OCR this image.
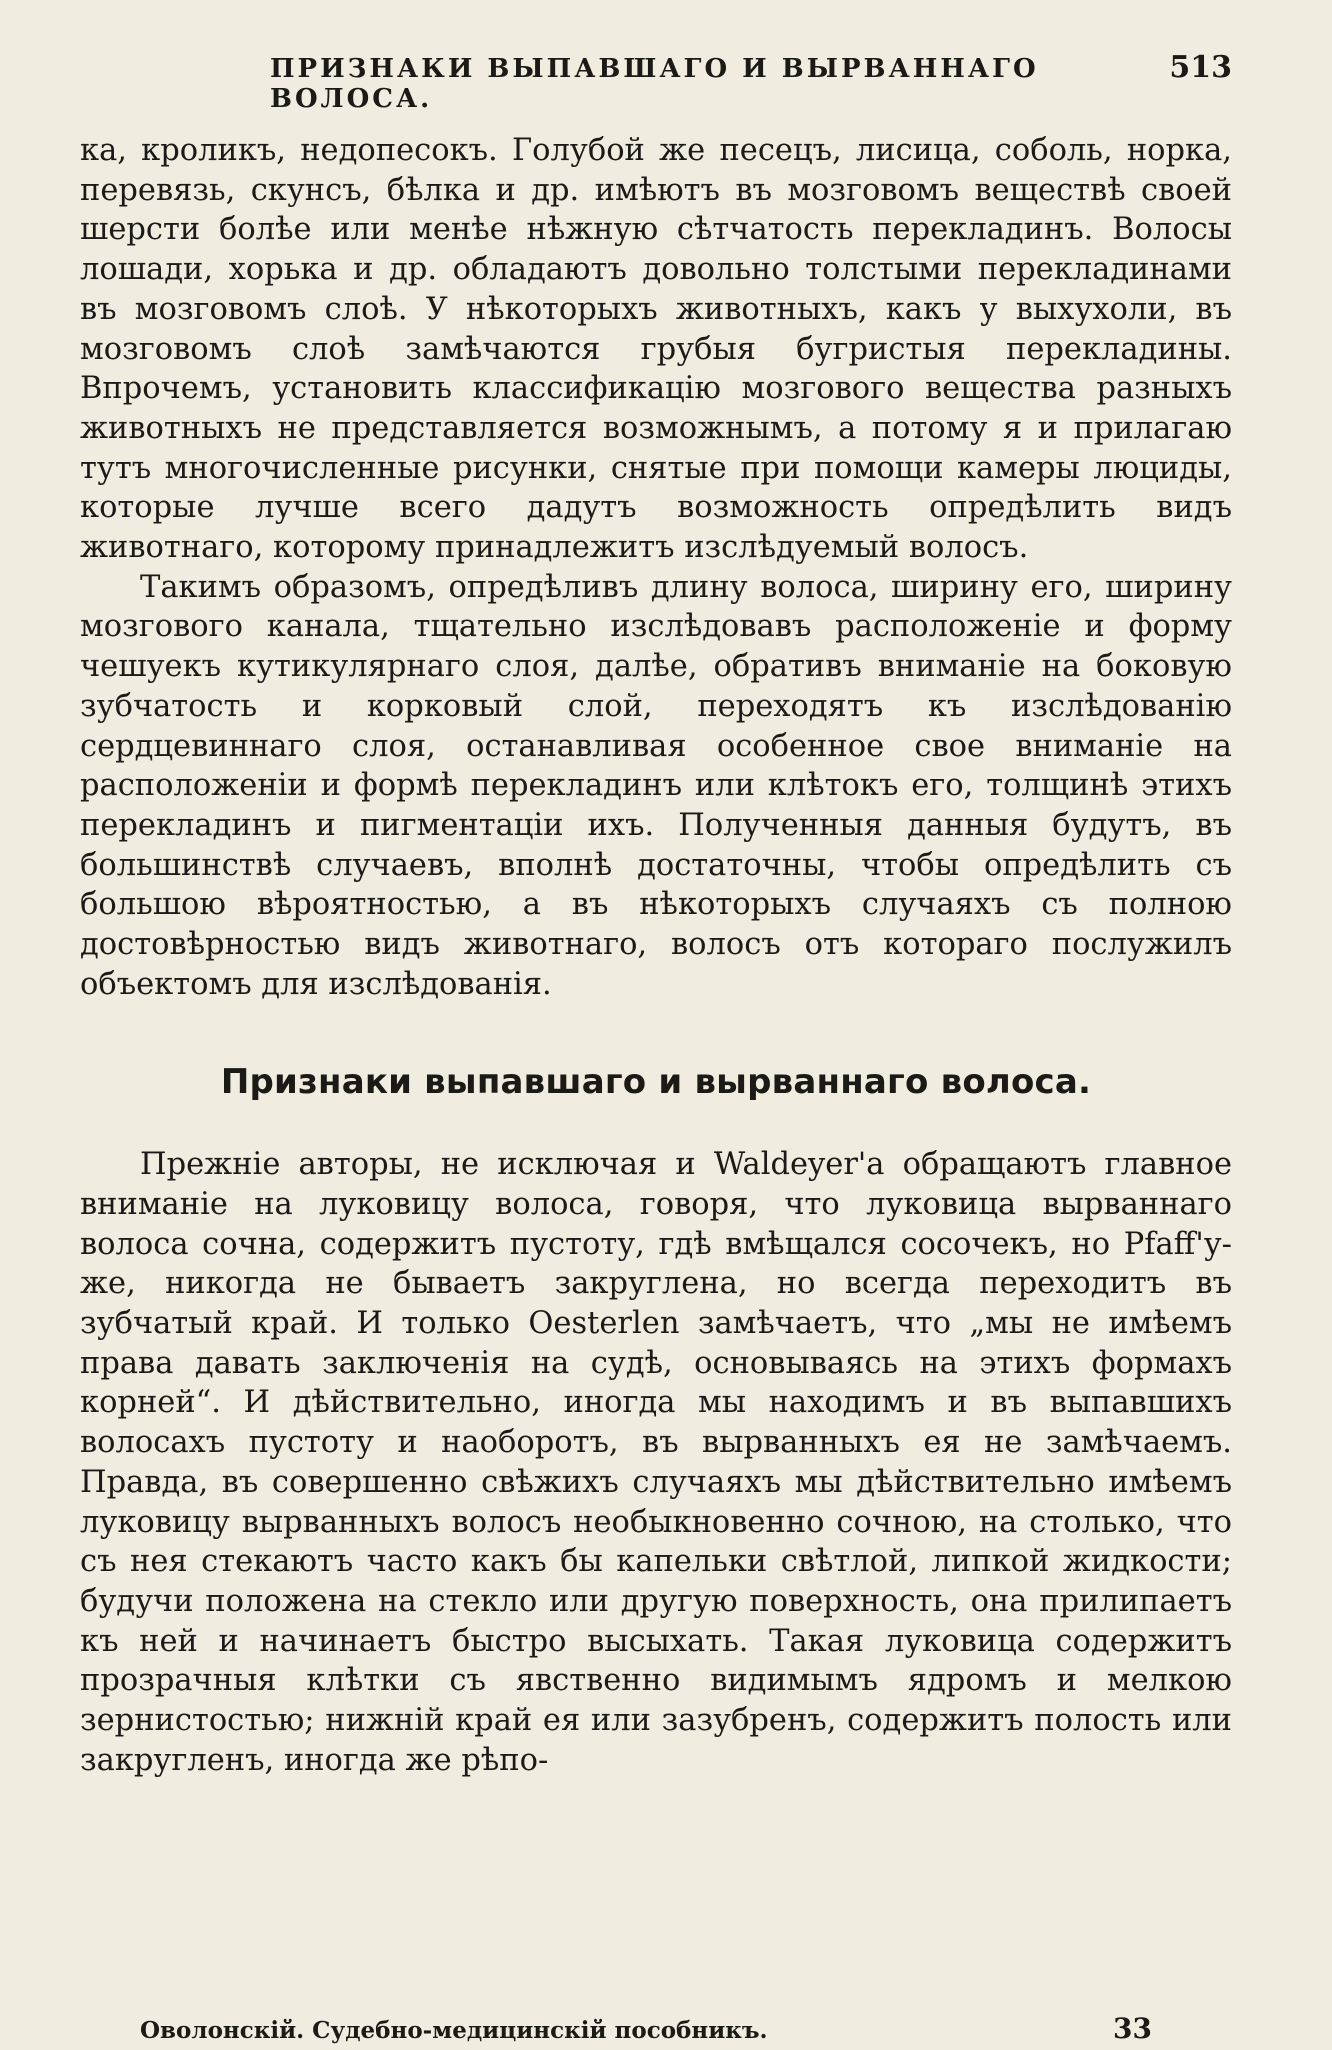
ПРИЗНАКИ ВЫПАВШАГО И ВЫРВАННАГО ВОЛОСА.
513

ка, кроликъ, недопесокъ. Голубой же песецъ, лисица, соболь, норка, перевязь, скунсъ, бѣлка и др. имѣютъ въ мозговомъ веществѣ своей шерсти болѣе или менѣе нѣжную сѣтчатость перекладинъ. Волосы лошади, хорька и др. обладаютъ довольно толстыми перекладинами въ мозговомъ слоѣ. У нѣкоторыхъ животныхъ, какъ у выхухоли, въ мозговомъ слоѣ замѣчаются грубыя бугристыя перекладины. Впрочемъ, установить классификацію мозгового вещества разныхъ животныхъ не представляется возможнымъ, а потому я и прилагаю тутъ многочисленные рисунки, снятые при помощи камеры люциды, которые лучше всего дадутъ возможность опредѣлить видъ животнаго, которому принадлежитъ изслѣдуемый волосъ.

Такимъ образомъ, опредѣливъ длину волоса, ширину его, ширину мозгового канала, тщательно изслѣдовавъ расположеніе и форму чешуекъ кутикулярнаго слоя, далѣе, обративъ вниманіе на боковую зубчатость и корковый слой, переходятъ къ изслѣдованію сердцевиннаго слоя, останавливая особенное свое вниманіе на расположеніи и формѣ перекладинъ или клѣтокъ его, толщинѣ этихъ перекладинъ и пигментаціи ихъ. Полученныя данныя будутъ, въ большинствѣ случаевъ, вполнѣ достаточны, чтобы опредѣлить съ большою вѣроятностью, а въ нѣкоторыхъ случаяхъ съ полною достовѣрностью видъ животнаго, волосъ отъ котораго послужилъ объектомъ для изслѣдованія.

Признаки выпавшаго и вырваннаго волоса.

Прежніе авторы, не исключая и Waldeyer'а обращаютъ главное вниманіе на луковицу волоса, говоря, что луковица вырваннаго волоса сочна, содержитъ пустоту, гдѣ вмѣщался сосочекъ, но Pfaff'у-же, никогда не бываетъ закруглена, но всегда переходитъ въ зубчатый край. И только Oesterlen замѣчаетъ, что „мы не имѣемъ права давать заключенія на судѣ, основываясь на этихъ формахъ корней“. И дѣйствительно, иногда мы находимъ и въ выпавшихъ волосахъ пустоту и наоборотъ, въ вырванныхъ ея не замѣчаемъ. Правда, въ совершенно свѣжихъ случаяхъ мы дѣйствительно имѣемъ луковицу вырванныхъ волосъ необыкновенно сочною, на столько, что съ нея стекаютъ часто какъ бы капельки свѣтлой, липкой жидкости; будучи положена на стекло или другую поверхность, она прилипаетъ къ ней и начинаетъ быстро высыхать. Такая луковица содержитъ прозрачныя клѣтки съ явственно видимымъ ядромъ и мелкою зернистостью; нижній край ея или зазубренъ, содержитъ полость или закругленъ, иногда же рѣпо-

Оволонскій. Судебно-медицинскій пособникъ.	33
